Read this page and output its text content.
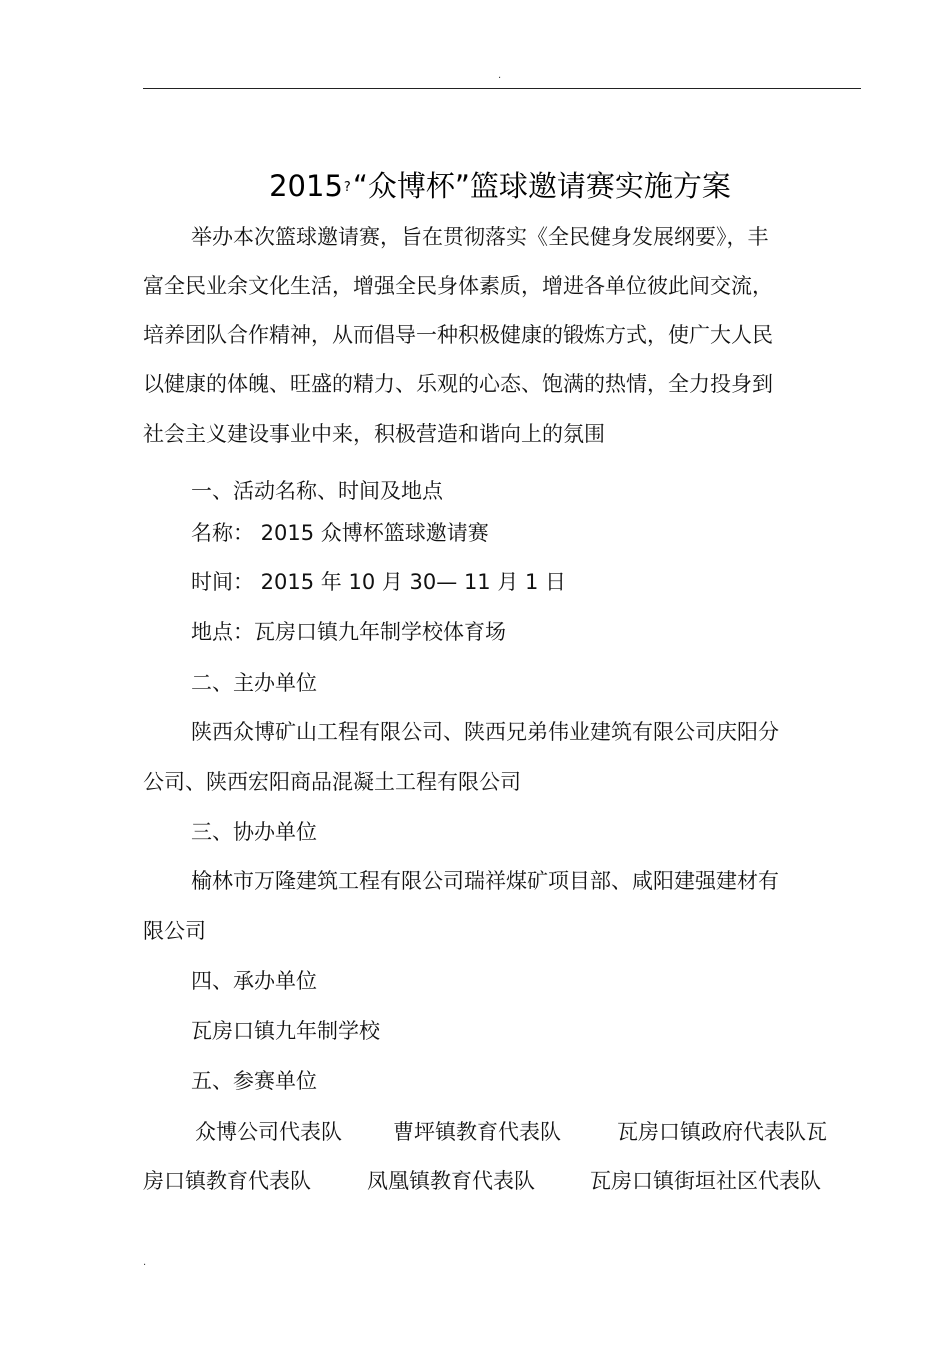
·
2015?“众博杯”篮球邀请赛实施方案
举办本次篮球邀请赛，旨在贯彻落实《全民健身发展纲要》，丰
富全民业余文化生活，增强全民身体素质，增进各单位彼此间交流，
培养团队合作精神，从而倡导一种积极健康的锻炼方式，使广大人民
以健康的体魄、旺盛的精力、乐观的心态、饱满的热情，全力投身到
社会主义建设事业中来，积极营造和谐向上的氛围
一、活动名称、时间及地点
名称： 2015 众博杯篮球邀请赛
时间： 2015 年 10 月 30— 11 月 1 日
地点：瓦房口镇九年制学校体育场
二、主办单位
陕西众博矿山工程有限公司、陕西兄弟伟业建筑有限公司庆阳分
公司、陕西宏阳商品混凝土工程有限公司
三、协办单位
榆林市万隆建筑工程有限公司瑞祥煤矿项目部、咸阳建强建材有
限公司
四、承办单位
瓦房口镇九年制学校
五、参赛单位
众博公司代表队 曹坪镇教育代表队	瓦房口镇政府代表队瓦
房口镇教育代表队	凤凰镇教育代表队	瓦房口镇街垣社区代表队
.
